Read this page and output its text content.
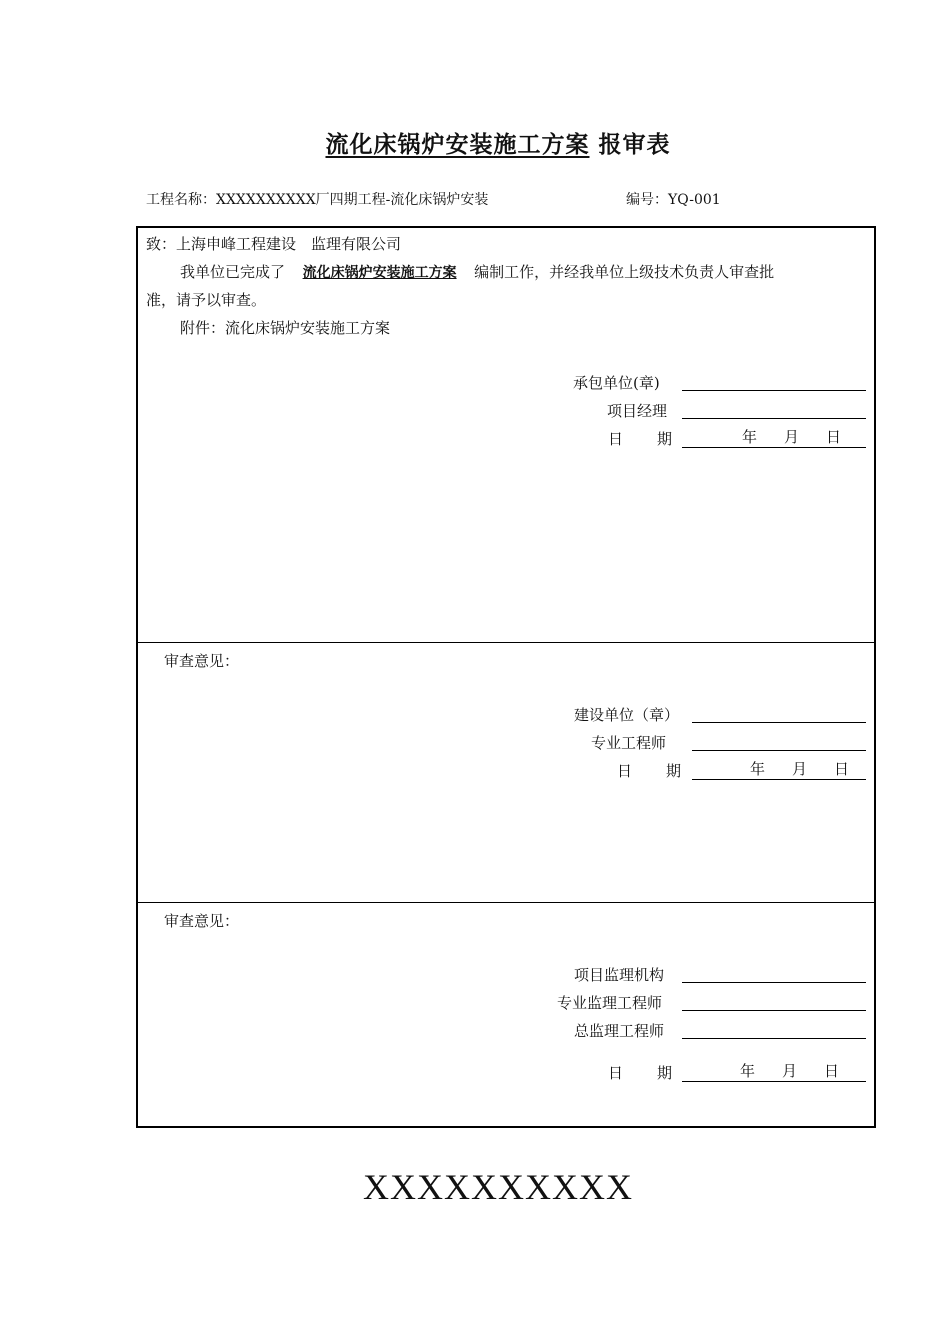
流化床锅炉安装施工方案 报审表
工程名称：XXXXXXXXXX厂四期工程-流化床锅炉安装	编号：YQ-001
致：上海申峰工程建设　监理有限公司
我单位已完成了 流化床锅炉安装施工方案 编制工作，并经我单位上级技术负责人审查批
准，请予以审查。
附件：流化床锅炉安装施工方案
承包单位(章)
项目经理
日 期	年 月 日
审查意见：
建设单位（章）
专业工程师
日 期	年 月 日
审查意见：
项目监理机构
专业监理工程师
总监理工程师
日 期	年 月 日
XXXXXXXXXX
